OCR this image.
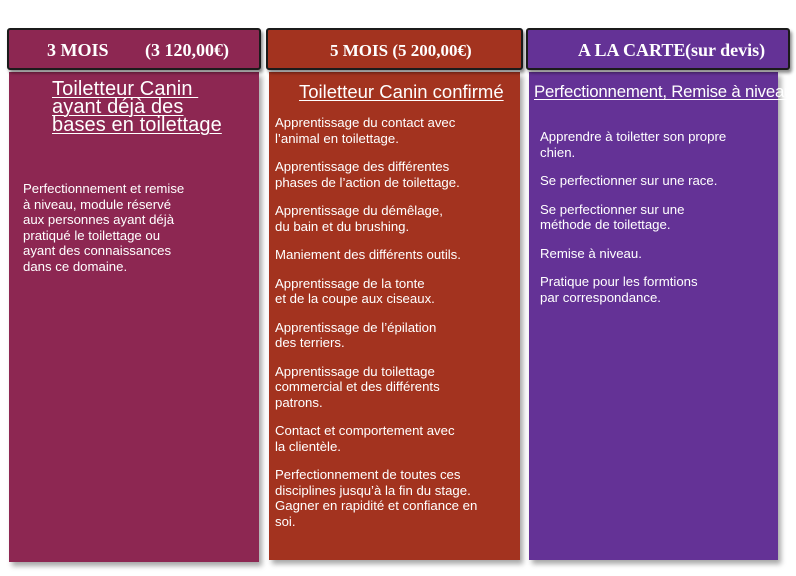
3 MOIS (3 120,00€)
Toiletteur Canin
ayant déjà des
bases en toilettage

Perfectionnement et remise
à niveau, module réservé
aux personnes ayant déjà
pratiqué le toilettage ou
ayant des connaissances
dans ce domaine.

5 MOIS (5 200,00€)
Toiletteur Canin confirmé

Apprentissage du contact avec
l’animal en toilettage.

Apprentissage des différentes
phases de l’action de toilettage.

Apprentissage du démêlage,
du bain et du brushing.

Maniement des différents outils.

Apprentissage de la tonte
et de la coupe aux ciseaux.

Apprentissage de l’épilation
des terriers.

Apprentissage du toilettage
commercial et des différents
patrons.

Contact et comportement avec
la clientèle.

Perfectionnement de toutes ces
disciplines jusqu’à la fin du stage.
Gagner en rapidité et confiance en
soi.

A LA CARTE (sur devis)
Perfectionnement, Remise à niveau

Apprendre à toiletter son propre
chien.

Se perfectionner sur une race.

Se perfectionner sur une
méthode de toilettage.

Remise à niveau.

Pratique pour les formtions
par correspondance.
